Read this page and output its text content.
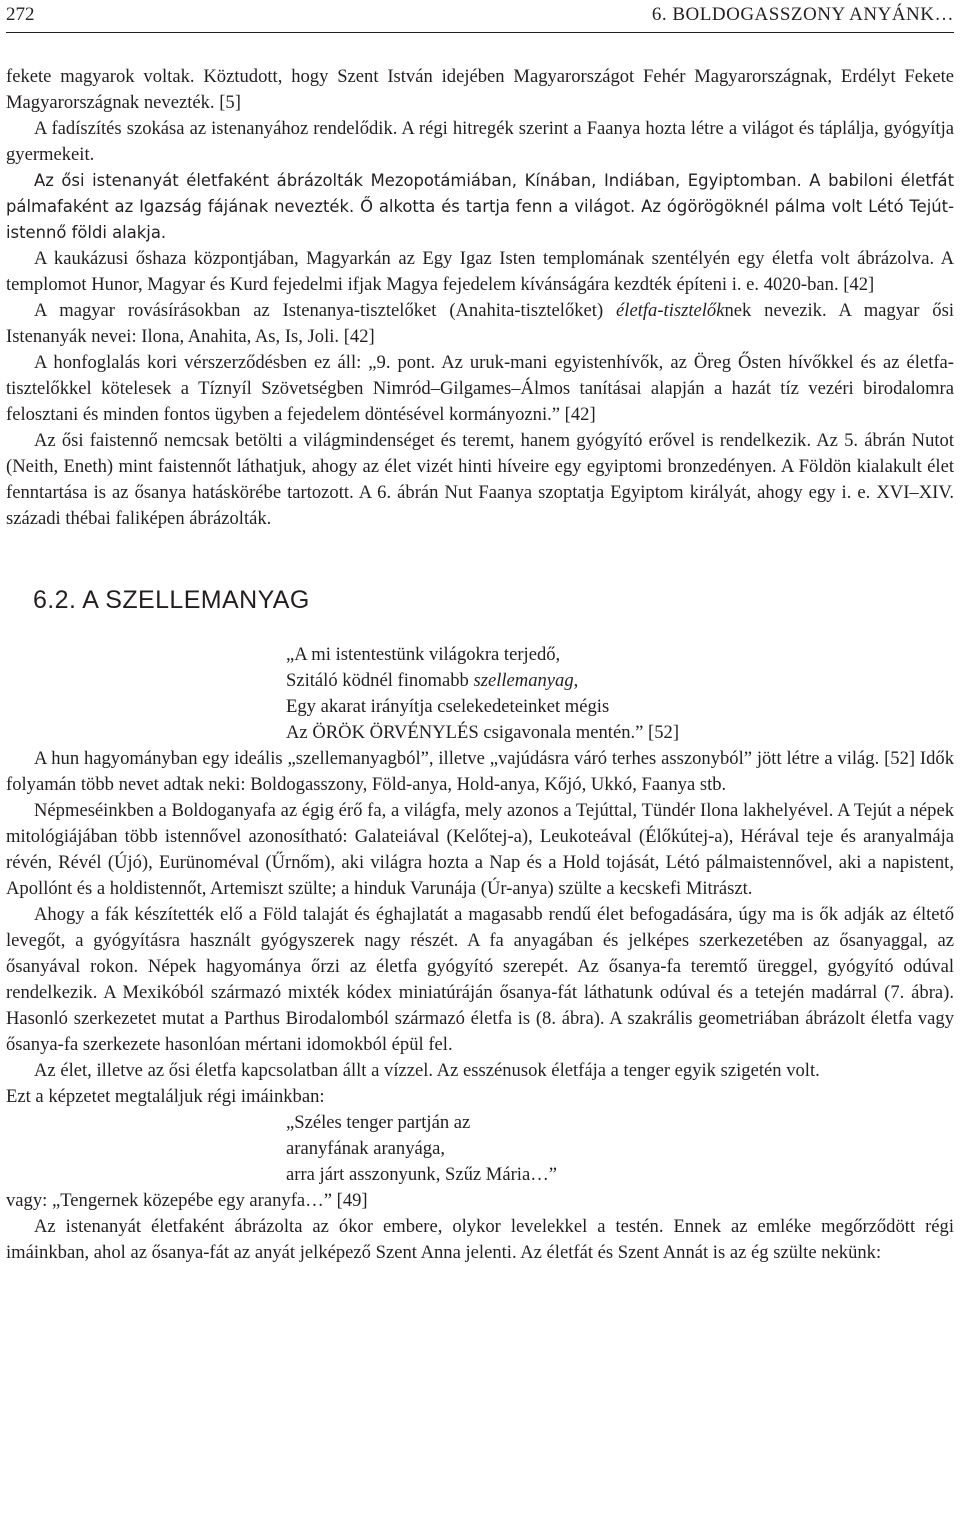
272	6. BOLDOGASSZONY ANYÁNK…

fekete magyarok voltak. Köztudott, hogy Szent István idejében Magyarországot Fehér Magyarországnak, Erdélyt Fekete Magyarországnak nevezték. [5]

A fadíszítés szokása az istenanyához rendelődik. A régi hitregék szerint a Faanya hozta létre a világot és táplálja, gyógyítja gyermekeit.

Az ősi istenanyát életfaként ábrázolták Mezopotámiában, Kínában, Indiában, Egyiptomban. A babiloni életfát pálmafaként az Igazság fájának nevezték. Ő alkotta és tartja fenn a világot. Az ógörögöknél pálma volt Létó Tejút-istennő földi alakja.

A kaukázusi őshaza központjában, Magyarkán az Egy Igaz Isten templomának szentélyén egy életfa volt ábrázolva. A templomot Hunor, Magyar és Kurd fejedelmi ifjak Magya fejedelem kívánságára kezdték építeni i. e. 4020-ban. [42]

A magyar rovásírásokban az Istenanya-tisztelőket (Anahita-tisztelőket) életfa-tisztelőknek nevezik. A magyar ősi Istenanyák nevei: Ilona, Anahita, As, Is, Joli. [42]

A honfoglalás kori vérszerződésben ez áll: „9. pont. Az uruk-mani egyistenhívők, az Öreg Ősten hívőkkel és az életfa-tisztelőkkel kötelesek a Tíznyíl Szövetségben Nimród–Gilgames–Álmos tanításai alapján a hazát tíz vezéri birodalomra felosztani és minden fontos ügyben a fejedelem döntésével kormányozni.” [42]

Az ősi faistennő nemcsak betölti a világmindenséget és teremt, hanem gyógyító erővel is rendelkezik. Az 5. ábrán Nutot (Neith, Eneth) mint faistennőt láthatjuk, ahogy az élet vizét hinti híveire egy egyiptomi bronzedényen. A Földön kialakult élet fenntartása is az ősanya hatáskörébe tartozott. A 6. ábrán Nut Faanya szoptatja Egyiptom királyát, ahogy egy i. e. XVI–XIV. századi thébai faliképen ábrázolták.

6.2. A SZELLEMANYAG
„A mi istentestünk világokra terjedő,
Szitáló ködnél finomabb szellemanyag,
Egy akarat irányítja cselekedeteinket mégis
Az ÖRÖK ÖRVÉNYLÉS csigavonala mentén.” [52]

A hun hagyományban egy ideális „szellemanyagból”, illetve „vajúdásra váró terhes asszonyból” jött létre a világ. [52] Idők folyamán több nevet adtak neki: Boldogasszony, Föld-anya, Hold-anya, Kőjó, Ukkó, Faanya stb.

Népmeséinkben a Boldoganyafa az égig érő fa, a világfa, mely azonos a Tejúttal, Tündér Ilona lakhelyével. A Tejút a népek mitológiájában több istennővel azonosítható: Galateiával (Kelőtej-a), Leukoteával (Élőkútej-a), Hérával teje és aranyalmája révén, Révél (Újó), Eurünoméval (Űrnőm), aki világra hozta a Nap és a Hold tojását, Létó pálmaistennővel, aki a napistent, Apollónt és a holdistennőt, Artemiszt szülte; a hinduk Varunája (Úr-anya) szülte a kecskefi Mitrászt.

Ahogy a fák készítették elő a Föld talaját és éghajlatát a magasabb rendű élet befogadására, úgy ma is ők adják az éltető levegőt, a gyógyításra használt gyógyszerek nagy részét. A fa anyagában és jelképes szerkezetében az ősanyaggal, az ősanyával rokon. Népek hagyománya őrzi az életfa gyógyító szerepét. Az ősanya-fa teremtő üreggel, gyógyító odúval rendelkezik. A Mexikóból származó mixték kódex miniatúráján ősanya-fát láthatunk odúval és a tetején madárral (7. ábra). Hasonló szerkezetet mutat a Parthus Birodalomból származó életfa is (8. ábra). A szakrális geometriában ábrázolt életfa vagy ősanya-fa szerkezete hasonlóan mértani idomokból épül fel.

Az élet, illetve az ősi életfa kapcsolatban állt a vízzel. Az esszénusok életfája a tenger egyik szigetén volt.

Ezt a képzetet megtaláljuk régi imáinkban:

„Széles tenger partján az
aranyfának aranyága,
arra járt asszonyunk, Szűz Mária…”

vagy: „Tengernek közepébe egy aranyfa…” [49]

Az istenanyát életfaként ábrázolta az ókor embere, olykor levelekkel a testén. Ennek az emléke megőrződött régi imáinkban, ahol az ősanya-fát az anyát jelképező Szent Anna jelenti. Az életfát és Szent Annát is az ég szülte nekünk:
